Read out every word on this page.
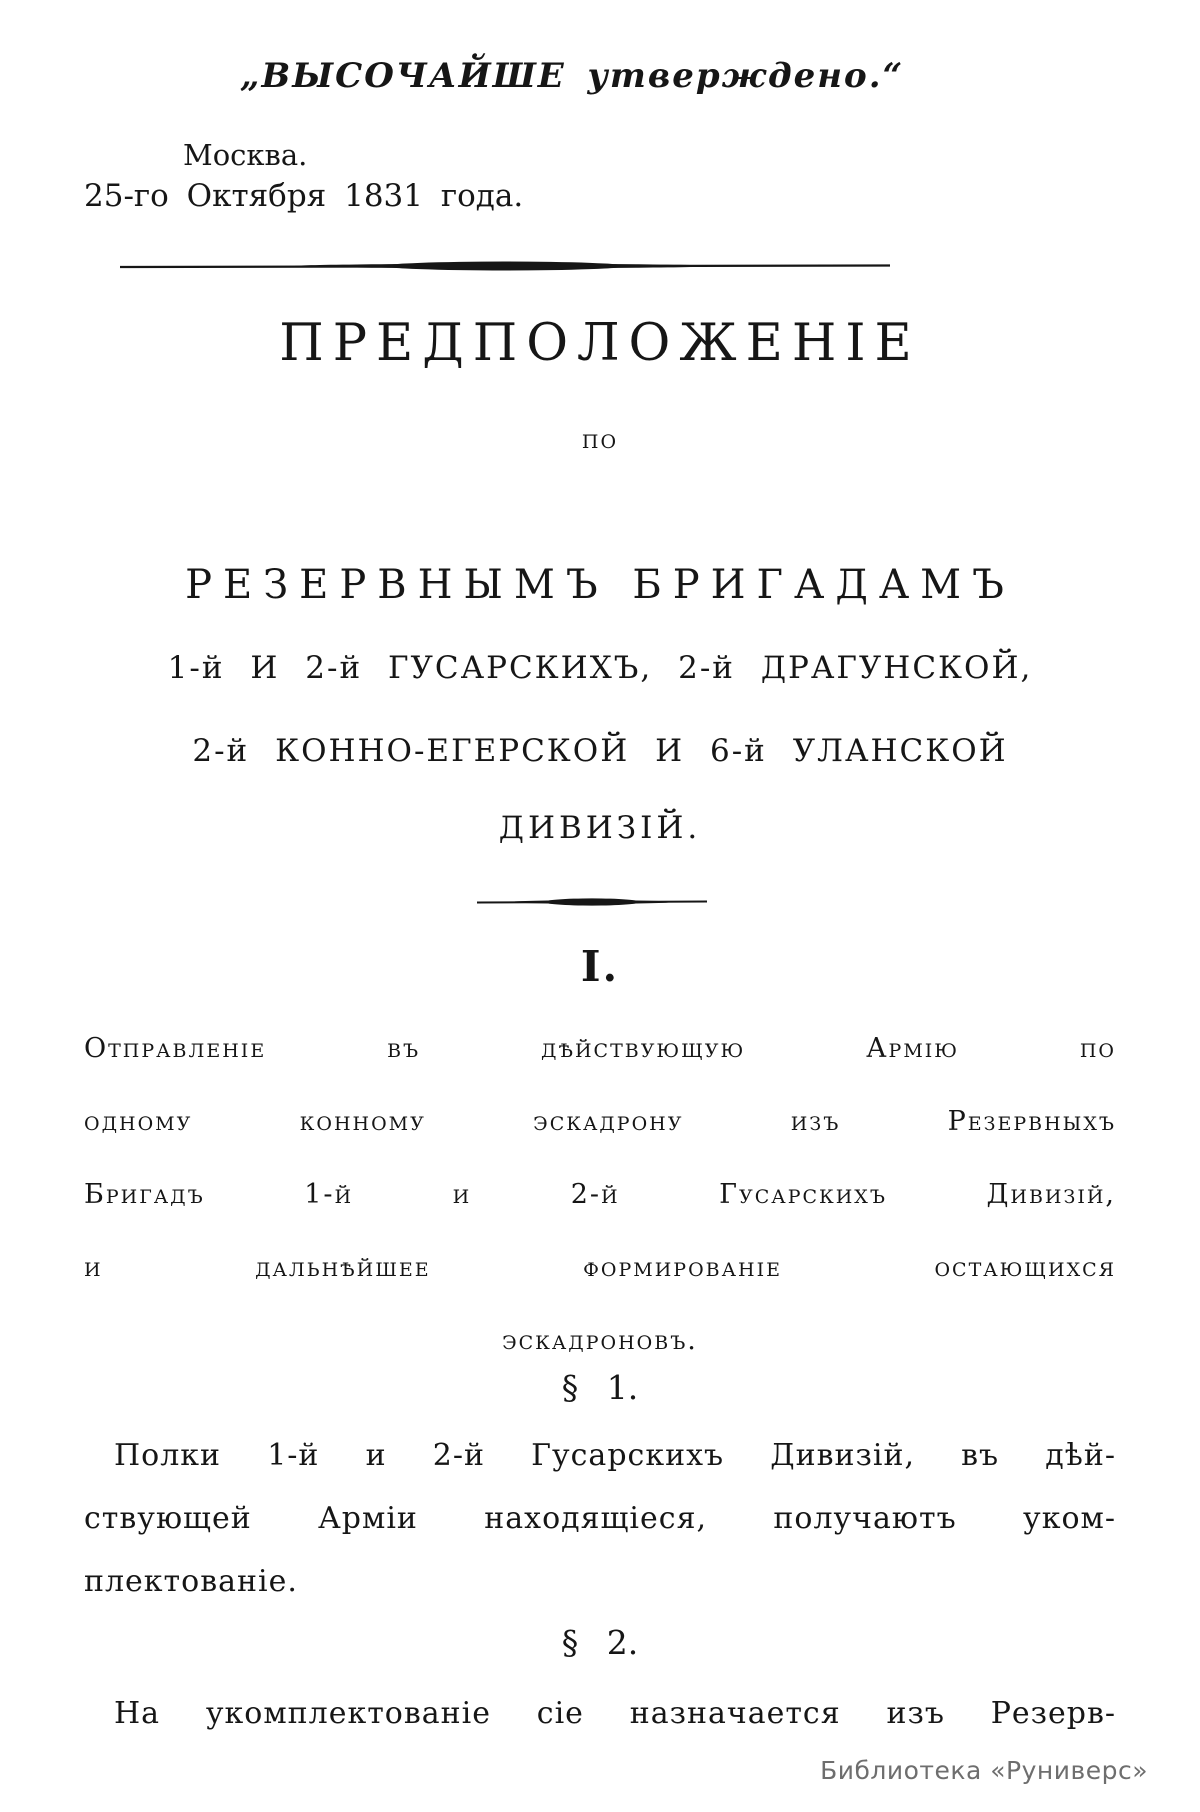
„ВЫСОЧАЙШЕ утверждено.“
Москва.
25-го Октября 1831 года.
ПРЕДПОЛОЖЕНІЕ
по
РЕЗЕРВНЫМЪ БРИГАДАМЪ
1-й И 2-й ГУСАРСКИХЪ, 2-й ДРАГУНСКОЙ,
2-й КОННО-ЕГЕРСКОЙ И 6-й УЛАНСКОЙ
ДИВИЗІЙ.
I.
Отправленіе въ дѣйствующую Армію по
одному конному эскадрону изъ Резервныхъ
Бригадъ 1-й и 2-й Гусарскихъ Дивизій,
и дальнѣйшее формированіе остающихся
эскадроновъ.
§ 1.
Полки 1-й и 2-й Гусарскихъ Дивизій, въ дѣй-
ствующей Арміи находящіеся, получаютъ уком-
плектованіе.
§ 2.
На укомплектованіе сіе назначается изъ Резерв-
Библиотека «Руниверс»
